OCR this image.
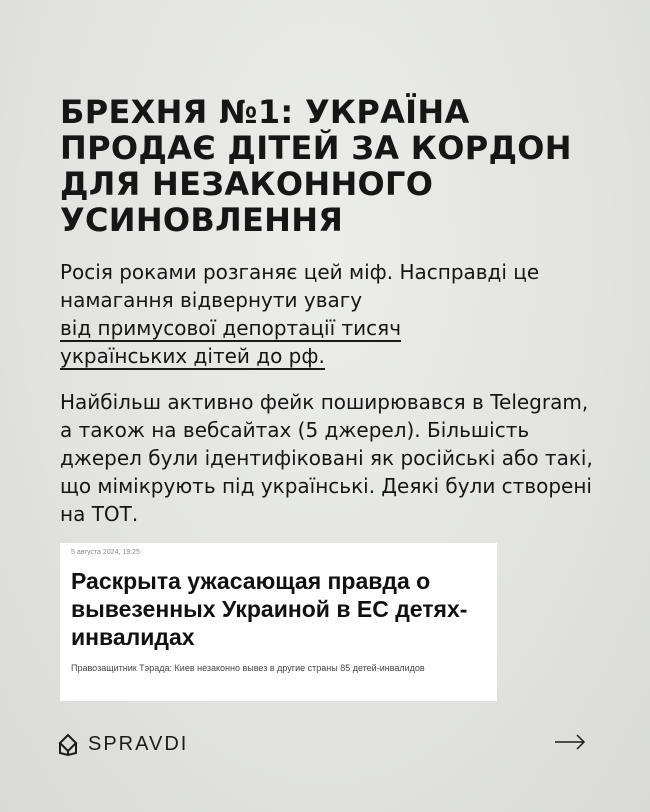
БРЕХНЯ №1: УКРАЇНА ПРОДАЄ ДІТЕЙ ЗА КОРДОН ДЛЯ НЕЗАКОННОГО УСИНОВЛЕННЯ

Росія роками розганяє цей міф. Насправді це намагання відвернути увагу
від примусової депортації тисяч
українських дітей до рф.

Найбільш активно фейк поширювався в Telegram, а також на вебсайтах (5 джерел). Більшість джерел були ідентифіковані як російські або такі, що мімікрують під українські. Деякі були створені на ТОТ.

5 августа 2024, 19:25

Раскрыта ужасающая правда о вывезенных Украиной в ЕС детях-инвалидах

Правозащитник Тэрада: Киев незаконно вывез в другие страны 85 детей-инвалидов

SPRAVDI
